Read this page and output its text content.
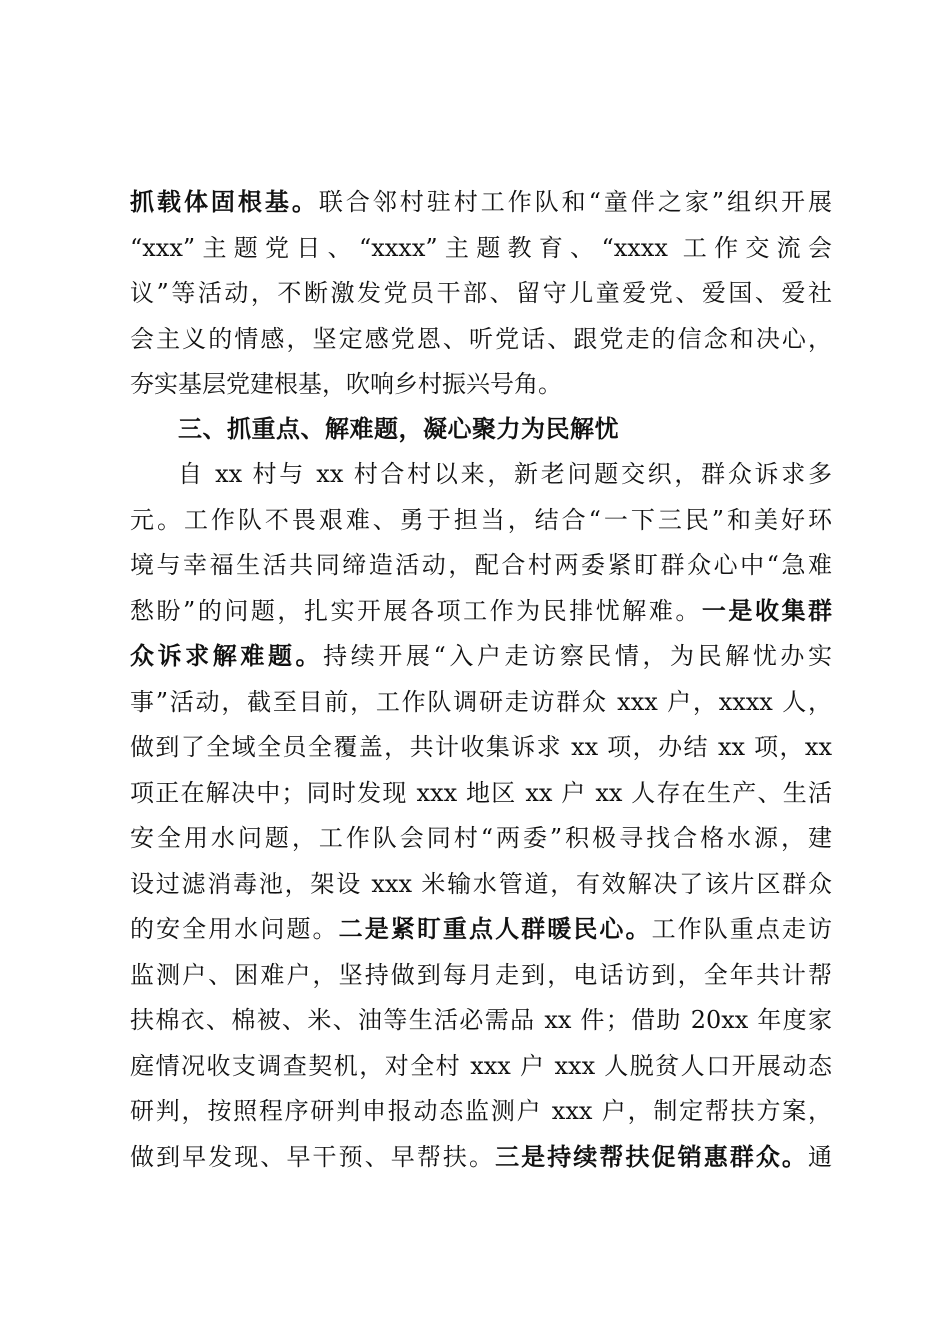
抓载体固根基。联合邻村驻村工作队和“童伴之家”组织开展
“xxx”主题党日、“xxxx”主题教育、“xxxx 工作交流会
议”等活动，不断激发党员干部、留守儿童爱党、爱国、爱社
会主义的情感，坚定感党恩、听党话、跟党走的信念和决心，
夯实基层党建根基，吹响乡村振兴号角。
三、抓重点、解难题，凝心聚力为民解忧
自 xx 村与 xx 村合村以来，新老问题交织，群众诉求多
元。工作队不畏艰难、勇于担当，结合“一下三民”和美好环
境与幸福生活共同缔造活动，配合村两委紧盯群众心中“急难
愁盼”的问题，扎实开展各项工作为民排忧解难。一是收集群
众诉求解难题。持续开展“入户走访察民情，为民解忧办实
事”活动，截至目前，工作队调研走访群众 xxx 户，xxxx 人，
做到了全域全员全覆盖，共计收集诉求 xx 项，办结 xx 项，xx
项正在解决中；同时发现 xxx 地区 xx 户 xx 人存在生产、生活
安全用水问题，工作队会同村“两委”积极寻找合格水源，建
设过滤消毒池，架设 xxx 米输水管道，有效解决了该片区群众
的安全用水问题。二是紧盯重点人群暖民心。工作队重点走访
监测户、困难户，坚持做到每月走到，电话访到，全年共计帮
扶棉衣、棉被、米、油等生活必需品 xx 件；借助 20xx 年度家
庭情况收支调查契机，对全村 xxx 户 xxx 人脱贫人口开展动态
研判，按照程序研判申报动态监测户 xxx 户，制定帮扶方案，
做到早发现、早干预、早帮扶。三是持续帮扶促销惠群众。通
